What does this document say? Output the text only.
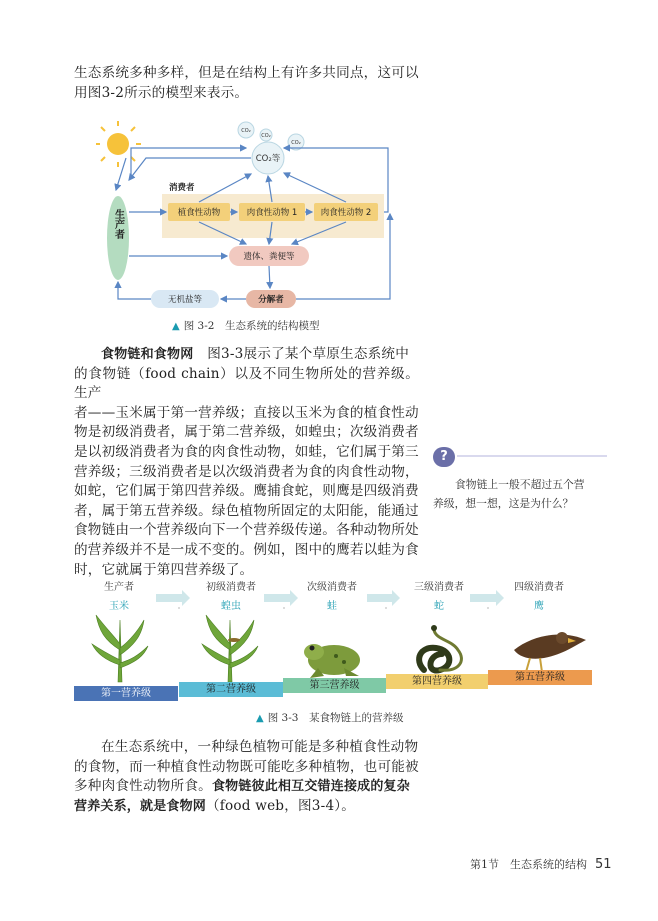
生态系统多种多样，但是在结构上有许多共同点，这可以

用图3-2所示的模型来表示。

CO₂
CO₂
CO₂
CO₂等
生产者
消费者
植食性动物	肉食性动物 1	肉食性动物 2
遗体、粪便等
分解者
无机盐等
▲ 图 3-2　生态系统的结构模型

食物链和食物网　 图3-3展示了某个草原生态系统中

的食物链（food chain）以及不同生物所处的营养级。生产

者——玉米属于第一营养级；直接以玉米为食的植食性动

物是初级消费者，属于第二营养级，如蝗虫；次级消费者

是以初级消费者为食的肉食性动物，如蛙，它们属于第三

营养级；三级消费者是以次级消费者为食的肉食性动物，

如蛇，它们属于第四营养级。鹰捕食蛇，则鹰是四级消费

者，属于第五营养级。绿色植物所固定的太阳能，能通过

食物链由一个营养级向下一个营养级传递。各种动物所处

的营养级并不是一成不变的。例如，图中的鹰若以蛙为食

时，它就属于第四营养级了。

?
食物链上一般不超过五个营
养级，想一想，这是为什么？
生产者
玉米
初级消费者
蝗虫
次级消费者
蛙
三级消费者
蛇
四级消费者
鹰
第一营养级	第二营养级	第三营养级	第四营养级	第五营养级
▲ 图 3-3　某食物链上的营养级

在生态系统中，一种绿色植物可能是多种植食性动物

的食物，而一种植食性动物既可能吃多种植物，也可能被

多种肉食性动物所食。食物链彼此相互交错连接成的复杂

营养关系，就是食物网（food web，图3-4）。

第1节　生态系统的结构 51
